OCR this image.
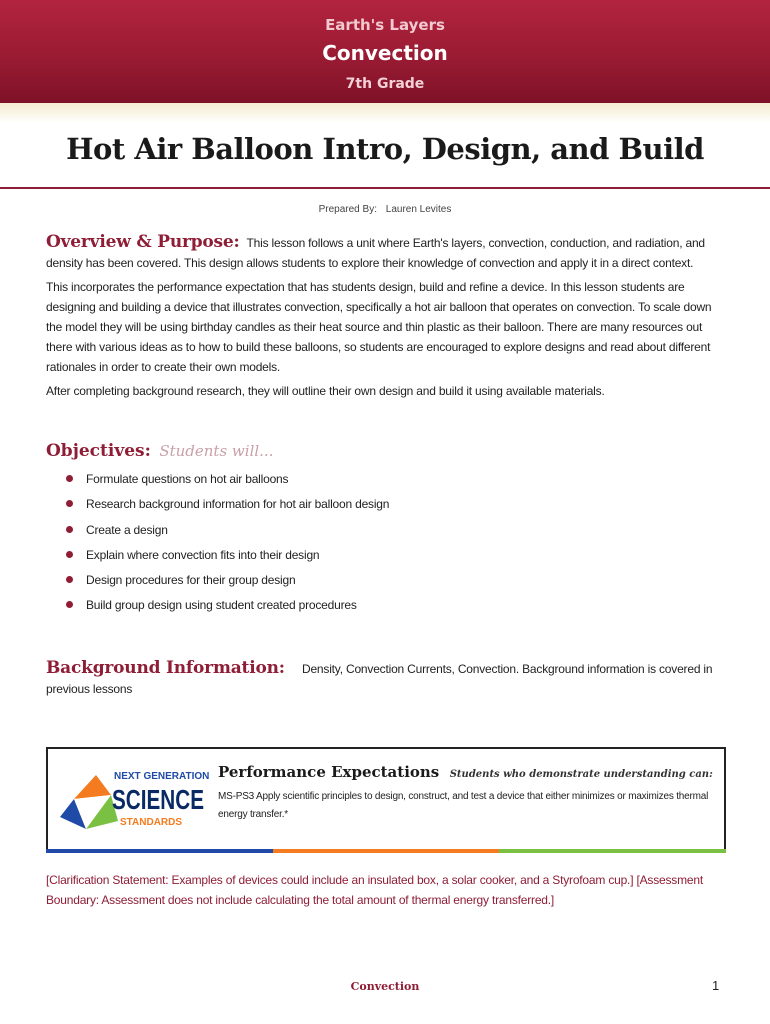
Earth's Layers
Convection
7th Grade
Hot Air Balloon Intro, Design, and Build
Prepared By: Lauren Levites

Overview & Purpose: This lesson follows a unit where Earth's layers, convection, conduction, and radiation, and density has been covered. This design allows students to explore their knowledge of convection and apply it in a direct context.

This incorporates the performance expectation that has students design, build and refine a device. In this lesson students are designing and building a device that illustrates convection, specifically a hot air balloon that operates on convection. To scale down the model they will be using birthday candles as their heat source and thin plastic as their balloon. There are many resources out there with various ideas as to how to build these balloons, so students are encouraged to explore designs and read about different rationales in order to create their own models.

After completing background research, they will outline their own design and build it using available materials.

Objectives: Students will...
Formulate questions on hot air balloons
Research background information for hot air balloon design
Create a design
Explain where convection fits into their design
Design procedures for their group design
Build group design using student created procedures
Background Information: Density, Convection Currents, Convection. Background information is covered in previous lessons
NEXT GENERATION
SCIENCE
STANDARDS
Performance Expectations Students who demonstrate understanding can:
MS-PS3 Apply scientific principles to design, construct, and test a device that either minimizes or maximizes thermal energy transfer.*
[Clarification Statement: Examples of devices could include an insulated box, a solar cooker, and a Styrofoam cup.] [Assessment Boundary: Assessment does not include calculating the total amount of thermal energy transferred.]
Convection	1
